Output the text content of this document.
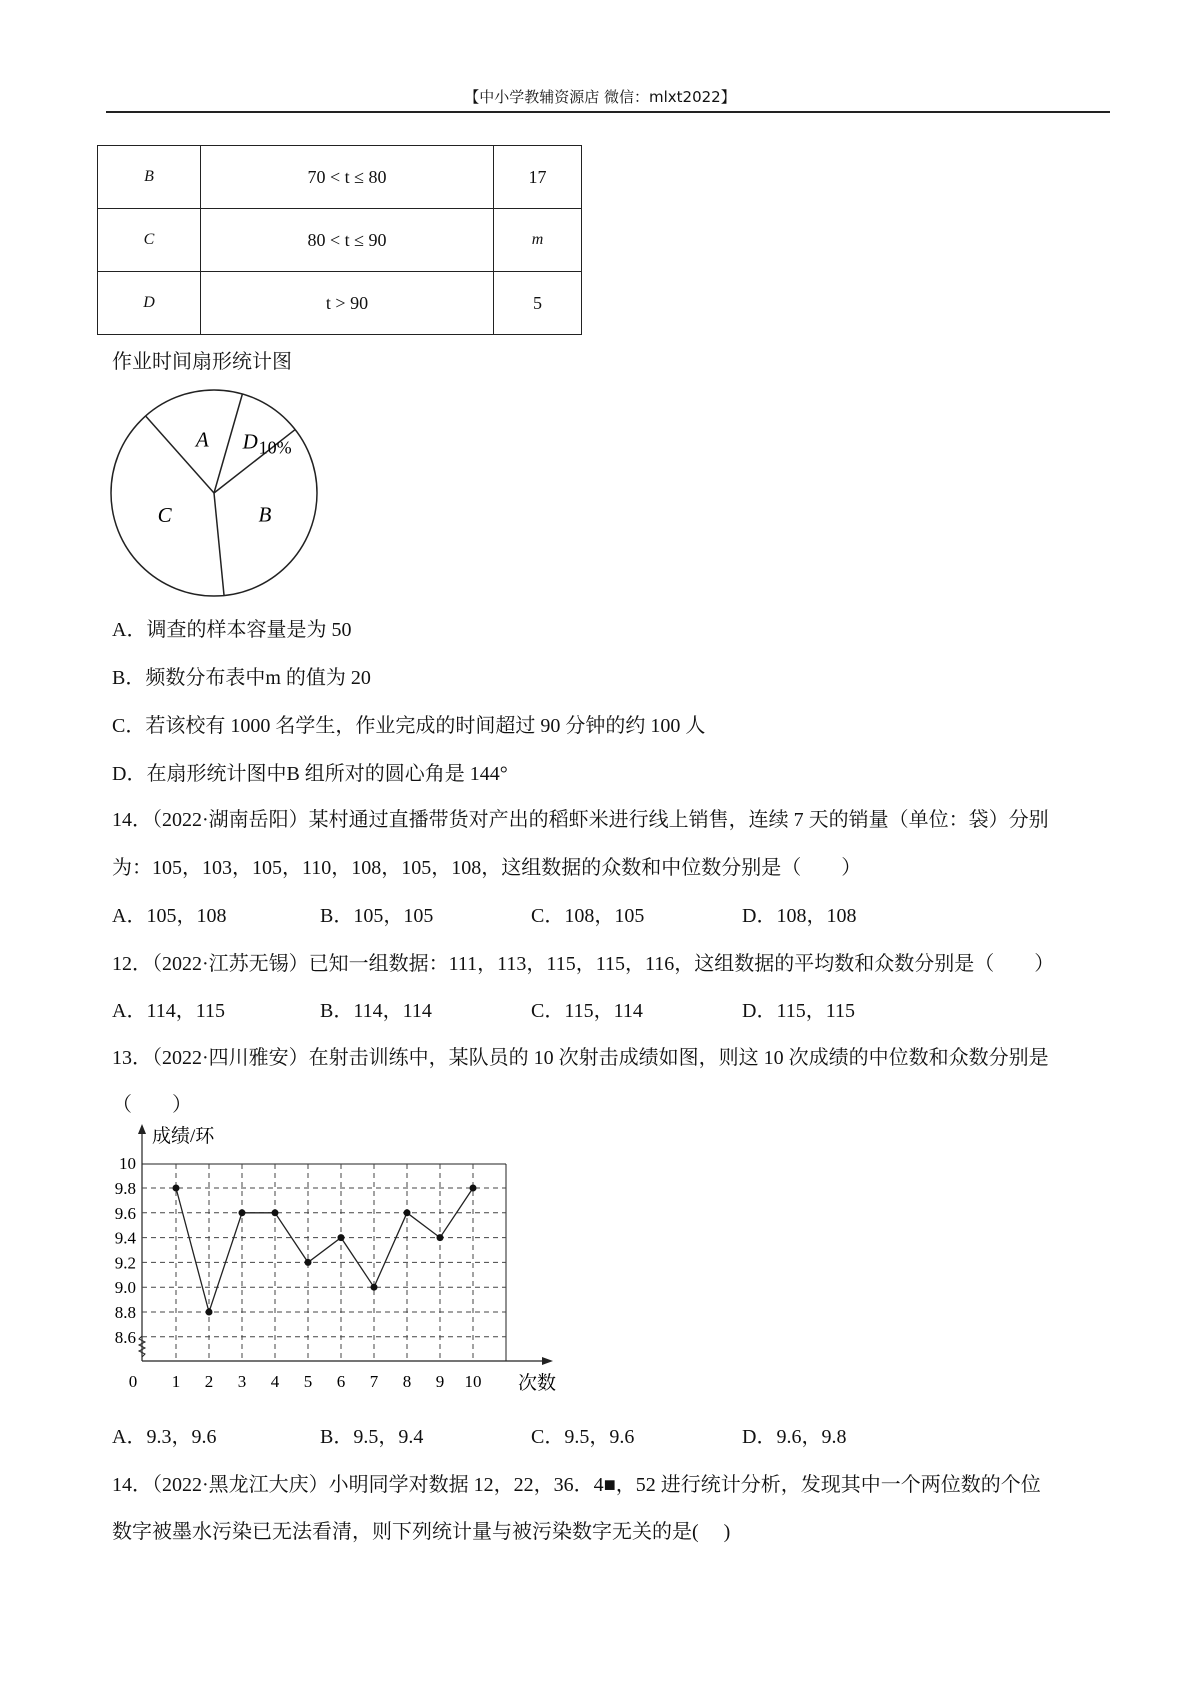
【中小学教辅资源店 微信：mlxt2022】
B	70 < t ≤ 80	17
C	80 < t ≤ 90	m
D	t > 90	5
作业时间扇形统计图
A
C	B
D 10%
A．调查的样本容量是为 50
B．频数分布表中m 的值为 20
C．若该校有 1000 名学生，作业完成的时间超过 90 分钟的约 100 人
D．在扇形统计图中B 组所对的圆心角是 144°
14．（2022·湖南岳阳）某村通过直播带货对产出的稻虾米进行线上销售，连续 7 天的销量（单位：袋）分别
为：105，103，105，110，108，105，108，这组数据的众数和中位数分别是（　　）
A．105，108	B．105，105	C．108，105	D．108，108
12．（2022·江苏无锡）已知一组数据：111，113，115，115，116，这组数据的平均数和众数分别是（　　）
A．114，115	B．114，114	C．115，114	D．115，115
13．（2022·四川雅安）在射击训练中，某队员的 10 次射击成绩如图，则这 10 次成绩的中位数和众数分别是
（　　）
10
9.8
9.6
9.4
9.2
9.0
8.8
8.6
0 1 2 3 4 5 6 7 8 9 10
成绩/环
次数
A．9.3，9.6	B．9.5，9.4	C．9.5，9.6	D．9.6，9.8
14．（2022·黑龙江大庆）小明同学对数据 12，22，36．4■，52 进行统计分析，发现其中一个两位数的个位
数字被墨水污染已无法看清，则下列统计量与被污染数字无关的是(　 )
